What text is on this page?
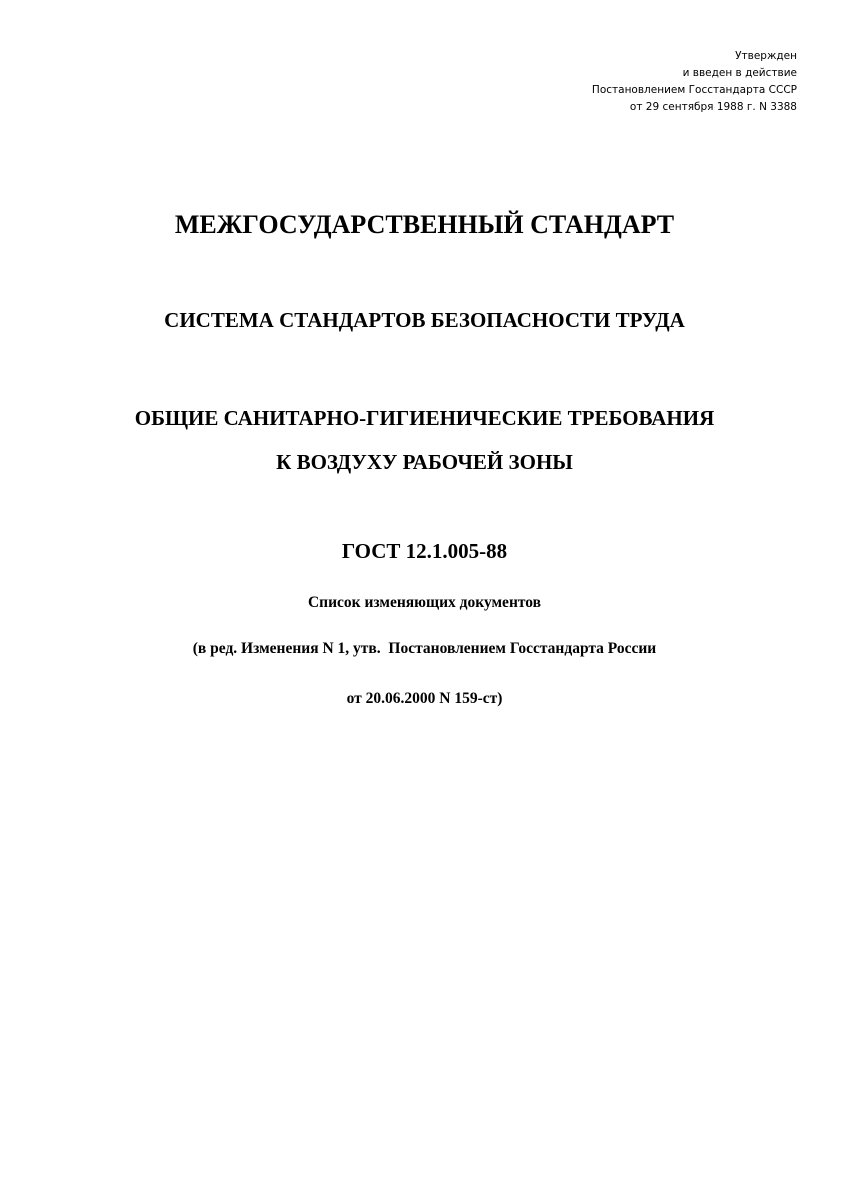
Утвержден
и введен в действие
Постановлением Госстандарта СССР
от 29 сентября 1988 г. N 3388
МЕЖГОСУДАРСТВЕННЫЙ СТАНДАРТ
СИСТЕМА СТАНДАРТОВ БЕЗОПАСНОСТИ ТРУДА
ОБЩИЕ САНИТАРНО-ГИГИЕНИЧЕСКИЕ ТРЕБОВАНИЯ
К ВОЗДУХУ РАБОЧЕЙ ЗОНЫ
ГОСТ 12.1.005-88
Список изменяющих документов
(в ред. Изменения N 1, утв.  Постановлением Госстандарта России
от 20.06.2000 N 159-ст)
